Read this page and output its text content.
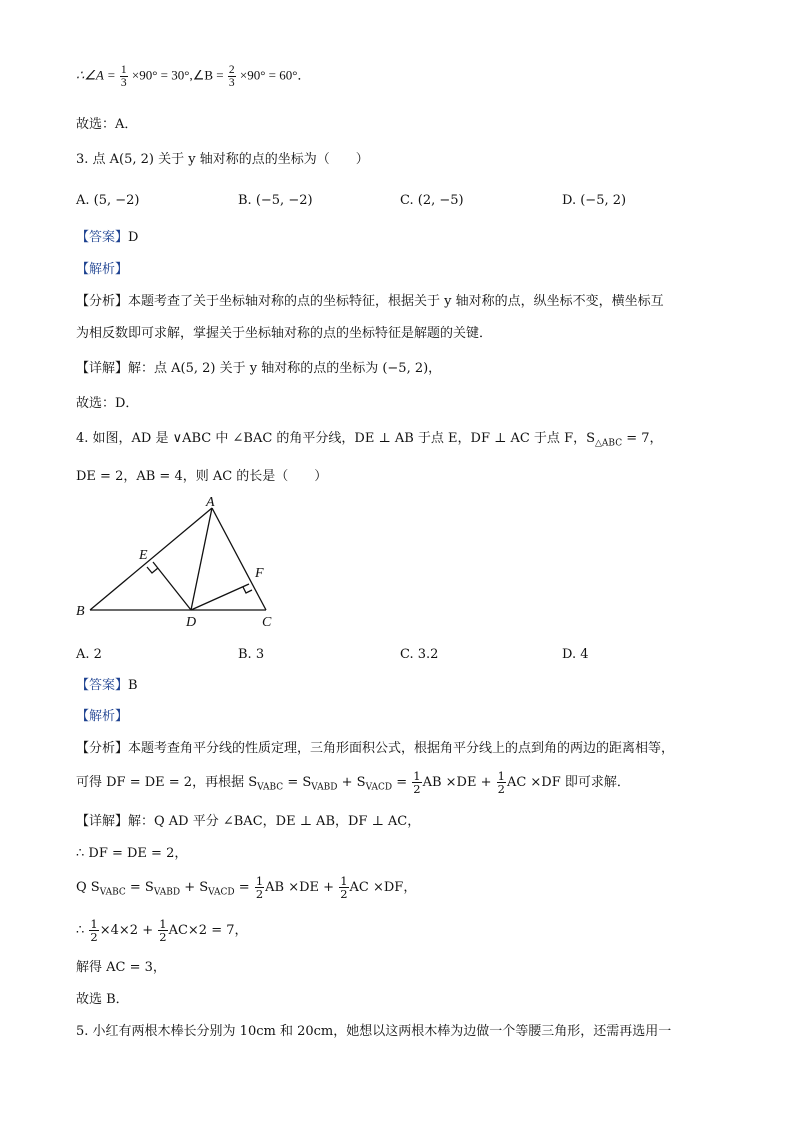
∴∠A = $\frac{1}{3} \times 90^\circ$ = 30°,∠B = $\frac{2}{3} \times 90^\circ = 60^\circ$．
故选：A．
3. 点 A(5, 2) 关于 y 轴对称的点的坐标为（　　）
A. (5, −2)	B. (−5, −2)	C. (2, −5)	D. (−5, 2)
【答案】D
【解析】
【分析】本题考查了关于坐标轴对称的点的坐标特征，根据关于 y 轴对称的点，纵坐标不变，横坐标互
为相反数即可求解，掌握关于坐标轴对称的点的坐标特征是解题的关键．
【详解】解：点 A(5, 2) 关于 y 轴对称的点的坐标为 (−5, 2)，
故选：D．
4. 如图，AD 是 ∨ABC 中 ∠BAC 的角平分线，DE ⊥ AB 于点 E，DF ⊥ AC 于点 F，$S_{\triangle ABC} = 7$，
DE = 2，AB = 4，则 AC 的长是（　　）
A
B
C
D
E
F
A. 2	B. 3	C. 3.2	D. 4
【答案】B
【解析】
【分析】本题考查角平分线的性质定理，三角形面积公式，根据角平分线上的点到角的两边的距离相等，
可得 DF = DE = 2，再根据 $S_{VABC} = S_{VABD} + S_{VACD} = \frac{1}{2}$ AB $\times DE + \frac{1}{2}$ AC ×DF 即可求解．
【详解】解：Q AD 平分 ∠BAC，DE ⊥ AB，DF ⊥ AC，
∴ DF = DE = 2，
Q $S_{VABC} = S_{VABD} + S_{VACD} = \frac{1}{2}$ AB $\times DE + \frac{1}{2}$ AC ×DF，
∴ $\frac{1}{2} \times 4\times 2 + \frac{1}{2} AC\times 2 = 7$，
解得 AC = 3，
故选 B．
5. 小红有两根木棒长分别为 10cm 和 20cm，她想以这两根木棒为边做一个等腰三角形，还需再选用一
